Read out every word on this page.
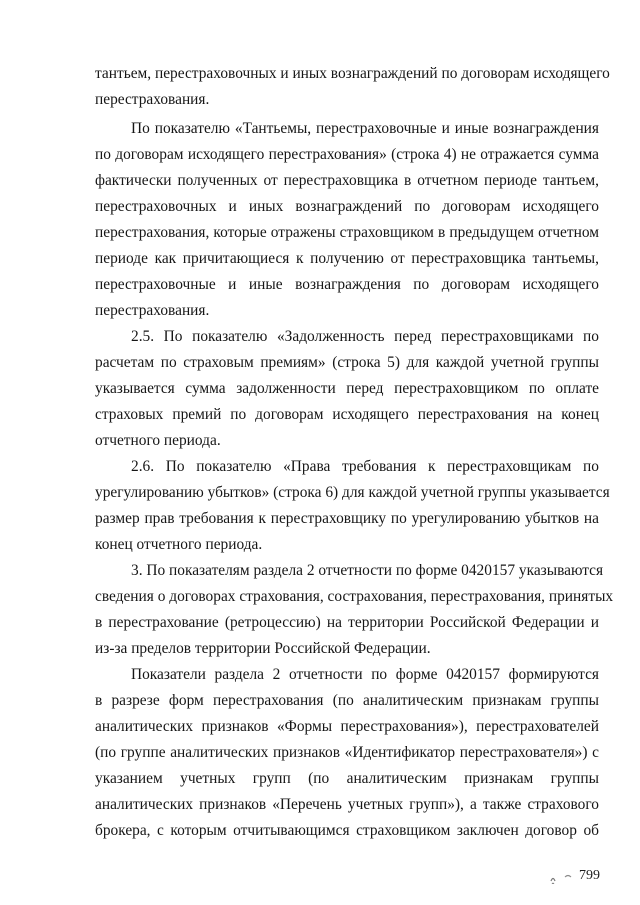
тантьем, перестраховочных и иных вознаграждений по договорам исходящего
перестрахования.
По показателю «Тантьемы, перестраховочные и иные вознаграждения
по договорам исходящего перестрахования» (строка 4) не отражается сумма
фактически полученных от перестраховщика в отчетном периоде тантьем,
перестраховочных и иных вознаграждений по договорам исходящего
перестрахования, которые отражены страховщиком в предыдущем отчетном
периоде как причитающиеся к получению от перестраховщика тантьемы,
перестраховочные и иные вознаграждения по договорам исходящего
перестрахования.
2.5. По показателю «Задолженность перед перестраховщиками по
расчетам по страховым премиям» (строка 5) для каждой учетной группы
указывается сумма задолженности перед перестраховщиком по оплате
страховых премий по договорам исходящего перестрахования на конец
отчетного периода.
2.6. По показателю «Права требования к перестраховщикам по
урегулированию убытков» (строка 6) для каждой учетной группы указывается
размер прав требования к перестраховщику по урегулированию убытков на
конец отчетного периода.
3. По показателям раздела 2 отчетности по форме 0420157 указываются
сведения о договорах страхования, сострахования, перестрахования, принятых
в перестрахование (ретроцессию) на территории Российской Федерации и
из-за пределов территории Российской Федерации.
Показатели раздела 2 отчетности по форме 0420157 формируются
в разрезе форм перестрахования (по аналитическим признакам группы
аналитических признаков «Формы перестрахования»), перестрахователей
(по группе аналитических признаков «Идентификатор перестрахователя») с
указанием учетных групп (по аналитическим признакам группы
аналитических признаков «Перечень учетных групп»), а также страхового
брокера, с которым отчитывающимся страховщиком заключен договор об
799
